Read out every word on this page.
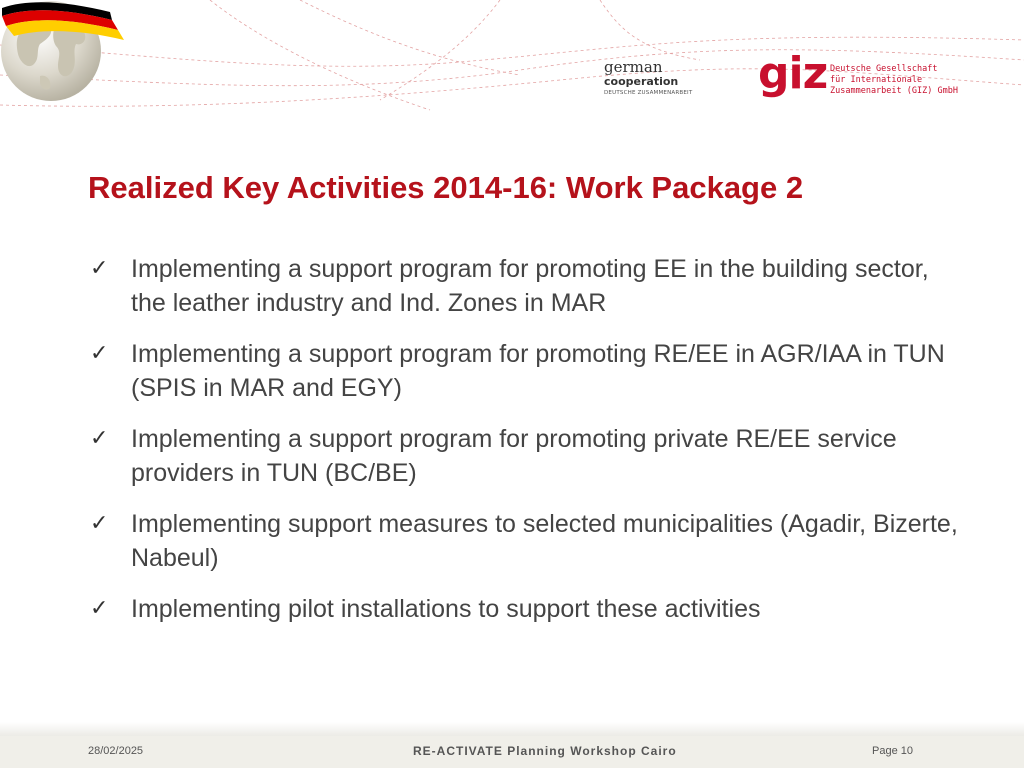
german
cooperation
DEUTSCHE ZUSAMMENARBEIT giz Deutsche Gesellschaft
für Internationale
Zusammenarbeit (GIZ) GmbH
Realized Key Activities 2014-16: Work Package 2
✓ Implementing a support program for promoting EE in the building sector, the leather industry and Ind. Zones in MAR
✓ Implementing a support program for promoting RE/EE in AGR/IAA in TUN (SPIS in MAR and EGY)
✓ Implementing a support program for promoting private RE/EE service providers in TUN (BC/BE)
✓ Implementing support measures to selected municipalities (Agadir, Bizerte, Nabeul)
✓ Implementing pilot installations to support these activities
28/02/2025	RE-ACTIVATE Planning Workshop Cairo	Page 10
